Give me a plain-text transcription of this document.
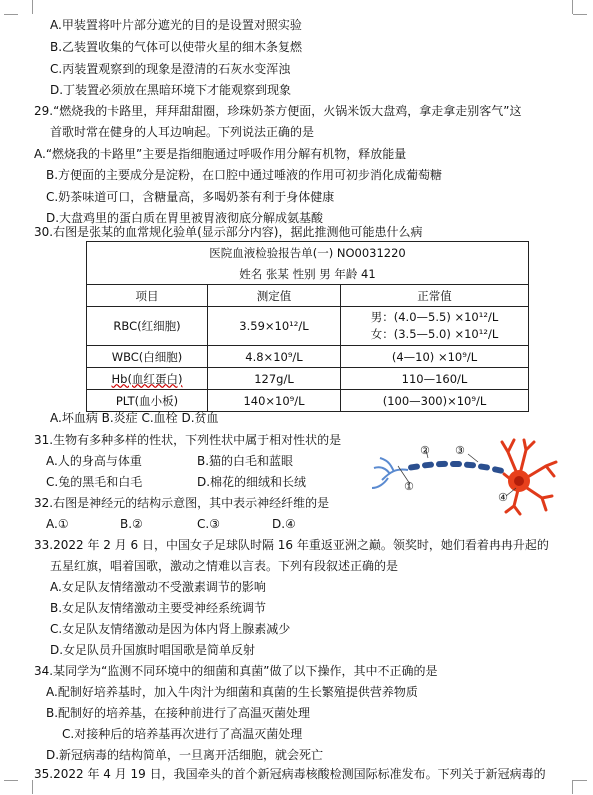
A.甲装置将叶片部分遮光的目的是设置对照实验
B.乙装置收集的气体可以使带火星的细木条复燃
C.丙装置观察到的现象是澄清的石灰水变浑浊
D.丁装置必须放在黑暗环境下才能观察到现象
29.“燃烧我的卡路里，拜拜甜甜圈，珍珠奶茶方便面，火锅米饭大盘鸡，拿走拿走别客气”这
首歌时常在健身的人耳边响起。下列说法正确的是
A.“燃烧我的卡路里”主要是指细胞通过呼吸作用分解有机物，释放能量
B.方便面的主要成分是淀粉，在口腔中通过唾液的作用可初步消化成葡萄糖
C.奶茶味道可口，含糖量高，多喝奶茶有利于身体健康
D.大盘鸡里的蛋白质在胃里被胃液彻底分解成氨基酸
30.右图是张某的血常规化验单(显示部分内容)，据此推测他可能患什么病
医院血液检验报告单(一) NO0031220		
姓名 张某 性别 男 年龄 41		
项目	测定值	正常值
RBC(红细胞)	3.59×10¹²/L	男：(4.0—5.5) ×10¹²/L
女：(3.5—5.0) ×10¹²/L

WBC(白细胞)	4.8×10⁹/L	(4—10) ×10⁹/L
Hb(血红蛋白)	127g/L	110—160/L
PLT(血小板)	140×10⁹/L	(100—300)×10⁹/L
A.坏血病 B.炎症 C.血栓 D.贫血
31.生物有多种多样的性状，下列性状中属于相对性状的是
A.人的身高与体重	B.猫的白毛和蓝眼
C.兔的黑毛和白毛	D.棉花的细绒和长绒
32.右图是神经元的结构示意图，其中表示神经纤维的是
A.①	B.②	C.③	D.④
①
② ③
④
33.2022 年 2 月 6 日，中国女子足球队时隔 16 年重返亚洲之巅。领奖时，她们看着冉冉升起的
五星红旗，唱着国歌，激动之情难以言表。下列有段叙述正确的是
A.女足队友情绪激动不受激素调节的影响
B.女足队友情绪激动主要受神经系统调节
C.女足队友情绪激动是因为体内肾上腺素减少
D.女足队员升国旗时唱国歌是简单反射
34.某同学为“监测不同环境中的细菌和真菌”做了以下操作，其中不正确的是
A.配制好培养基时，加入牛肉汁为细菌和真菌的生长繁殖提供营养物质
B.配制好的培养基，在接种前进行了高温灭菌处理
C.对接种后的培养基再次进行了高温灭菌处理
D.新冠病毒的结构简单，一旦离开活细胞，就会死亡
35.2022 年 4 月 19 日，我国牵头的首个新冠病毒核酸检测国际标准发布。下列关于新冠病毒的
